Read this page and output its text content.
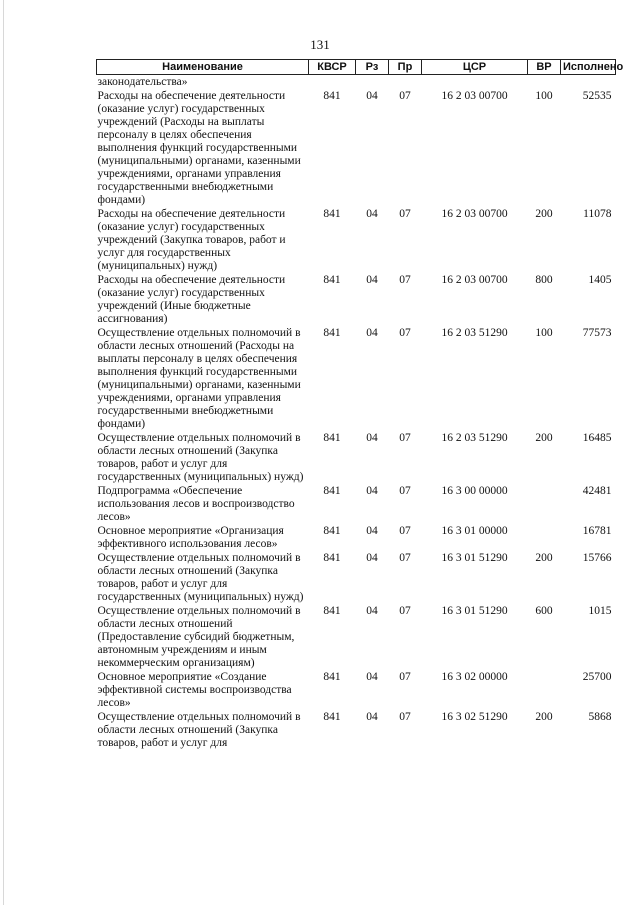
131
Наименование	КВСР	Рз	Пр	ЦСР	ВР	Исполнено
законодательства»						
Расходы на обеспечение деятельности (оказание услуг) государственных учреждений (Расходы на выплаты персоналу в целях обеспечения выполнения функций государственными (муниципальными) органами, казенными учреждениями, органами управления государственными внебюджетными фондами)	841	04	07	16 2 03 00700	100	52535
Расходы на обеспечение деятельности (оказание услуг) государственных учреждений (Закупка товаров, работ и услуг для государственных (муниципальных) нужд)	841	04	07	16 2 03 00700	200	11078
Расходы на обеспечение деятельности (оказание услуг) государственных учреждений (Иные бюджетные ассигнования)	841	04	07	16 2 03 00700	800	1405
Осуществление отдельных полномочий в области лесных отношений (Расходы на выплаты персоналу в целях обеспечения выполнения функций государственными (муниципальными) органами, казенными учреждениями, органами управления государственными внебюджетными фондами)	841	04	07	16 2 03 51290	100	77573
Осуществление отдельных полномочий в области лесных отношений (Закупка товаров, работ и услуг для государственных (муниципальных) нужд)	841	04	07	16 2 03 51290	200	16485
Подпрограмма «Обеспечение использования лесов и воспроизводство лесов»	841	04	07	16 3 00 00000		42481
Основное мероприятие «Организация эффективного использования лесов»	841	04	07	16 3 01 00000		16781
Осуществление отдельных полномочий в области лесных отношений (Закупка товаров, работ и услуг для государственных (муниципальных) нужд)	841	04	07	16 3 01 51290	200	15766
Осуществление отдельных полномочий в области лесных отношений (Предоставление субсидий бюджетным, автономным учреждениям и иным некоммерческим организациям)	841	04	07	16 3 01 51290	600	1015
Основное мероприятие «Создание эффективной системы воспроизводства лесов»	841	04	07	16 3 02 00000		25700
Осуществление отдельных полномочий в области лесных отношений (Закупка товаров, работ и услуг для	841	04	07	16 3 02 51290	200	5868
